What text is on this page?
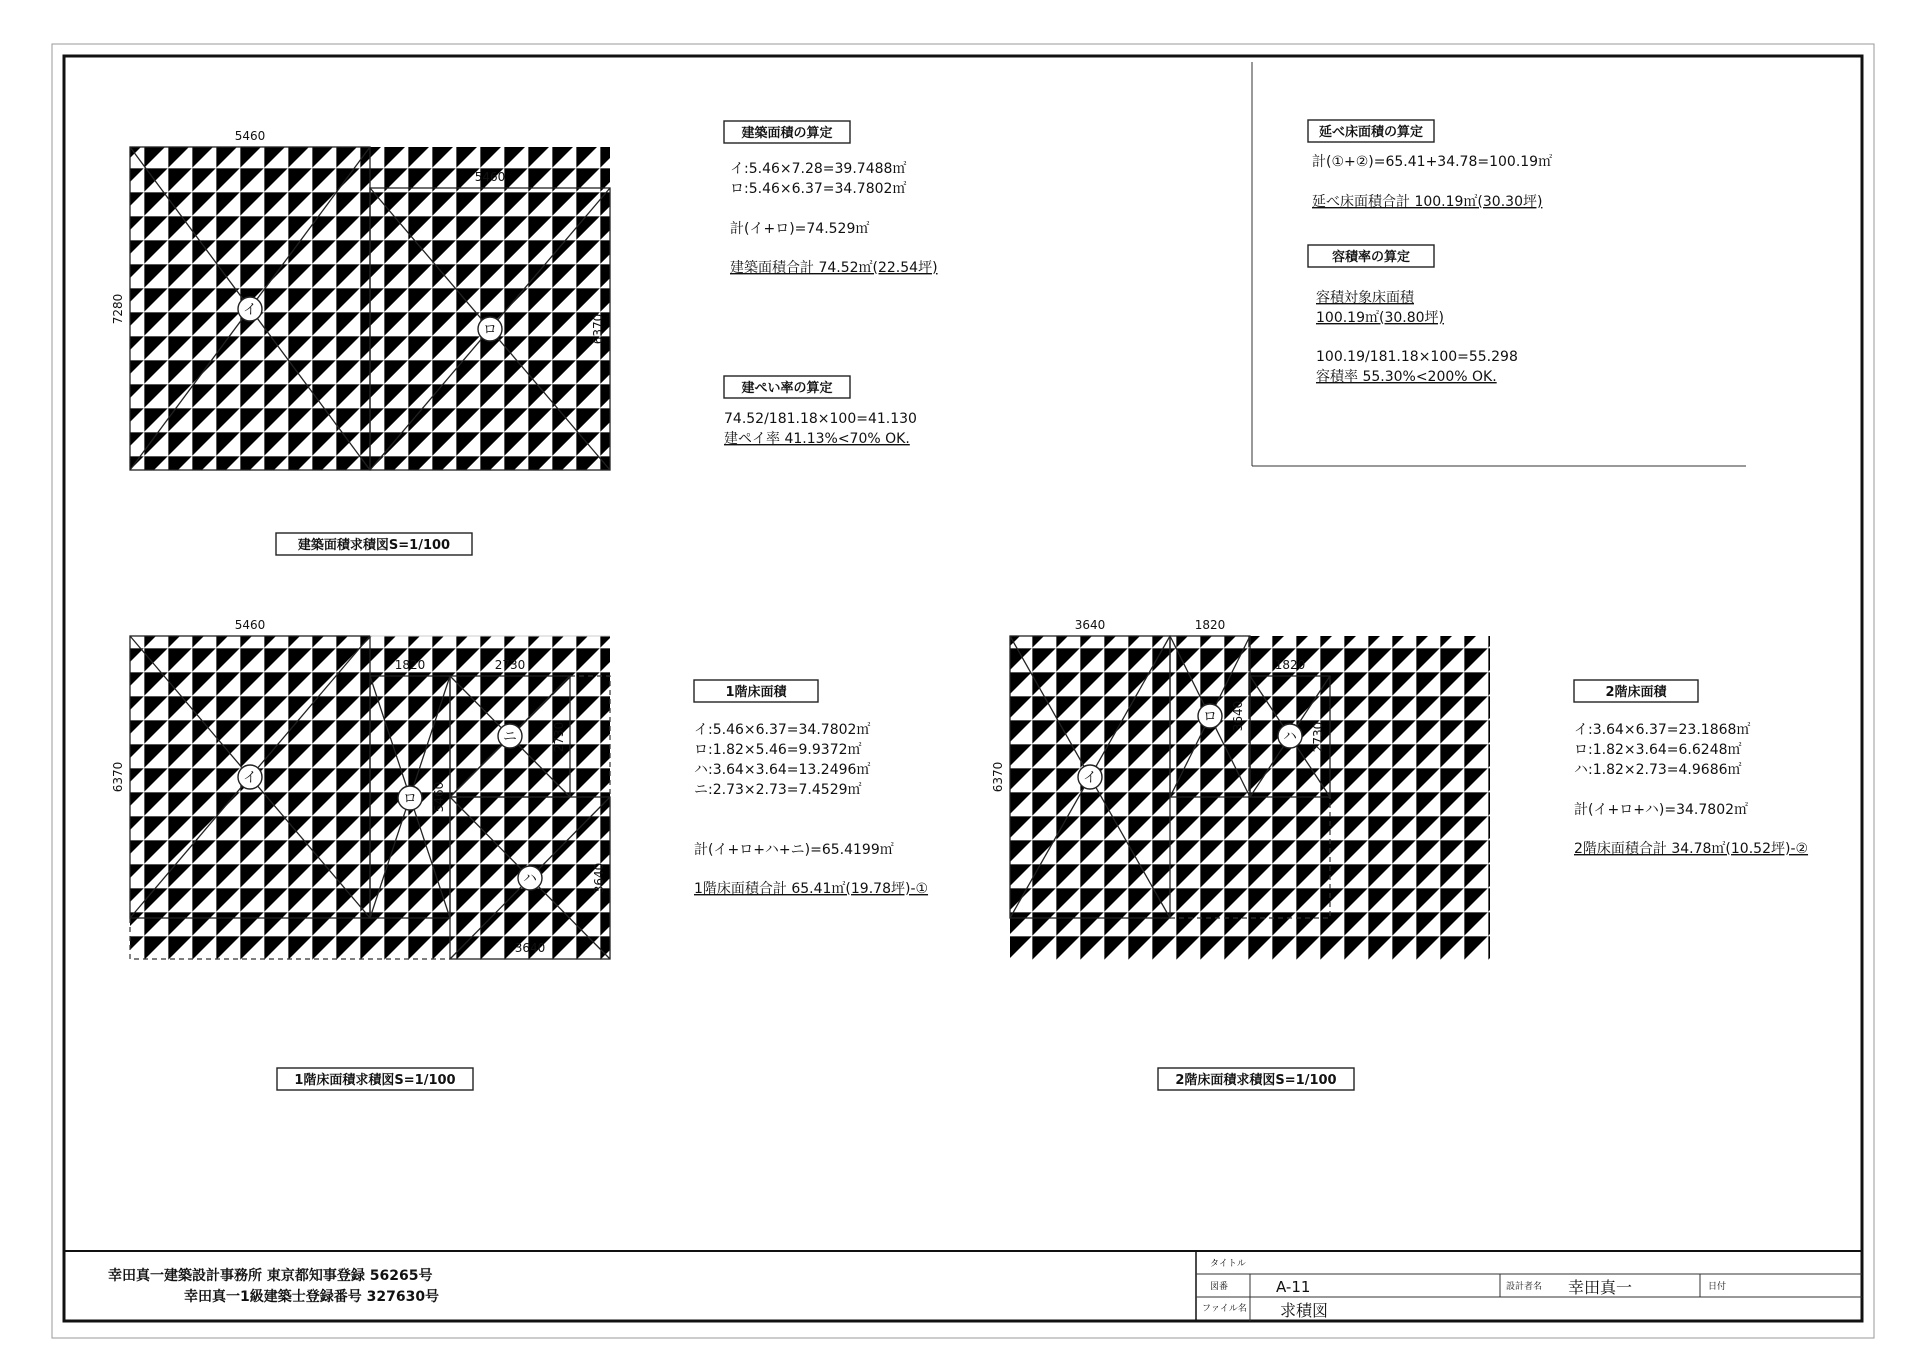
イ
ロ
5460
5460
7280
6370
建築面積求積図S=1/100
建築面積の算定
イ:5.46×7.28=39.7488㎡
ロ:5.46×6.37=34.7802㎡
計(イ+ロ)=74.529㎡
建築面積合計 74.52㎡(22.54坪)
建ぺい率の算定
74.52/181.18×100=41.130
建ペイ率 41.13%<70% OK.
延べ床面積の算定
計(①+②)=65.41+34.78=100.19㎡
延べ床面積合計 100.19㎡(30.30坪)
容積率の算定
容積対象床面積
100.19㎡(30.80坪)
100.19/181.18×100=55.298
容積率 55.30%<200% OK.
イ
ロ
ニ
ハ
5460
1820	2730
3640
6370
5460
2730
3640
1階床面積求積図S=1/100
1階床面積
イ:5.46×6.37=34.7802㎡
ロ:1.82×5.46=9.9372㎡
ハ:3.64×3.64=13.2496㎡
ニ:2.73×2.73=7.4529㎡
計(イ+ロ+ハ+ニ)=65.4199㎡
1階床面積合計 65.41㎡(19.78坪)-①
イ
ロ
ハ
3640	1820
1820
6370
3640
2730
2階床面積求積図S=1/100
2階床面積
イ:3.64×6.37=23.1868㎡
ロ:1.82×3.64=6.6248㎡
ハ:1.82×2.73=4.9686㎡
計(イ+ロ+ハ)=34.7802㎡
2階床面積合計 34.78㎡(10.52坪)-②
幸田真一建築設計事務所 東京都知事登録 56265号
幸田真一1級建築士登録番号 327630号
タイトル
図番	A-11
ファイル名 求積図
設計者名 幸田真一	日付
